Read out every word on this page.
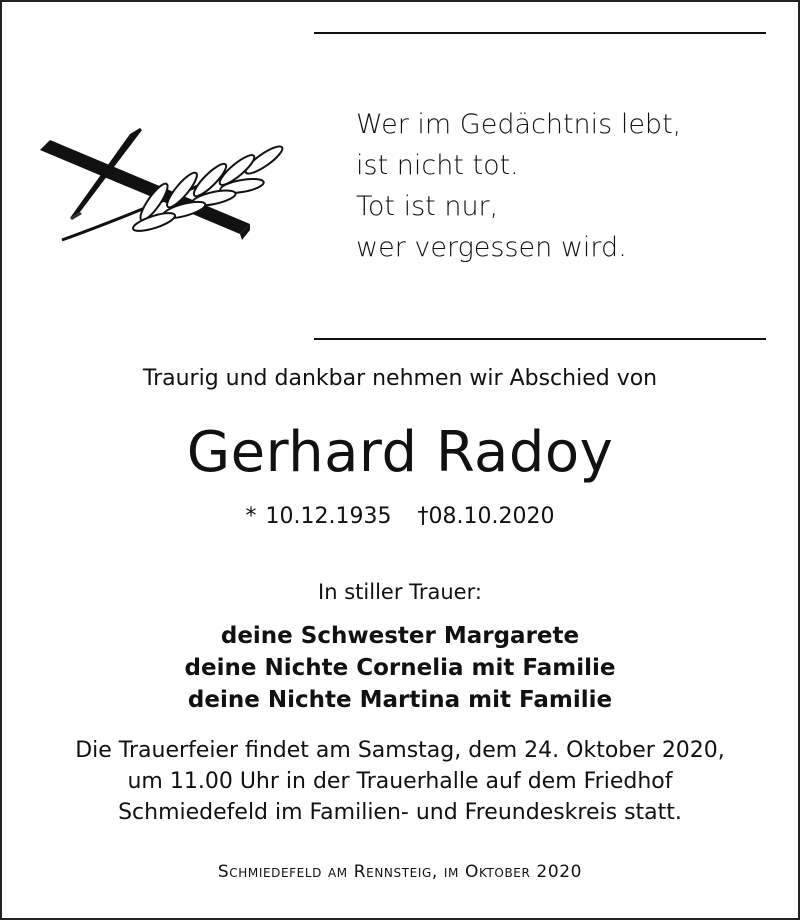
Wer im Gedächtnis lebt,
ist nicht tot.
Tot ist nur,
wer vergessen wird.
Traurig und dankbar nehmen wir Abschied von
Gerhard Radoy
* 10.12.1935 †08.10.2020
In stiller Trauer:
deine Schwester Margarete
deine Nichte Cornelia mit Familie
deine Nichte Martina mit Familie
Die Trauerfeier findet am Samstag, dem 24. Oktober 2020,
um 11.00 Uhr in der Trauerhalle auf dem Friedhof
Schmiedefeld im Familien- und Freundeskreis statt.
Schmiedefeld am Rennsteig, im Oktober 2020
